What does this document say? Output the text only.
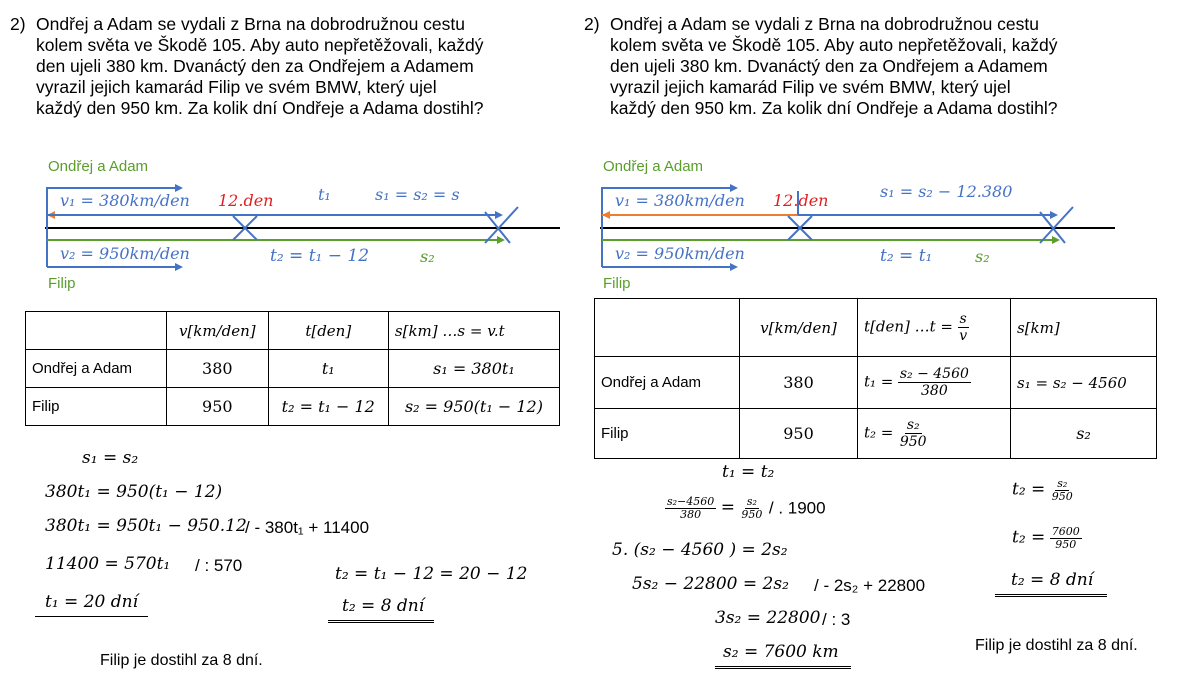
2) Ondřej a Adam se vydali z Brna na dobrodružnou cestu
kolem světa ve Škodě 105. Aby auto nepřetěžovali, každý
den ujeli 380 km. Dvanáctý den za Ondřejem a Adamem
vyrazil jejich kamarád Filip ve svém BMW, který ujel
každý den 950 km. Za kolik dní Ondřeje a Adama dostihl?
Ondřej a Adam
v₁ = 380km/den 12.den	t₁	s₁ = s₂ = s
v₂ = 950km/den	t₂ = t₁ − 12	s₂
Filip
	v[km/den]	t[den]	s[km] …s = v.t
Ondřej a Adam	380	t₁	s₁ = 380t₁
Filip	950	t₂ = t₁ − 12	s₂ = 950(t₁ − 12)
s₁ = s₂
380t₁ = 950(t₁ − 12)
380t₁ = 950t₁ − 950.12
/ - 380t₁ + 11400
11400 = 570t₁ / : 570
t₁ = 20 dní
t₂ = t₁ − 12 = 20 − 12
t₂ = 8 dní
Filip je dostihl za 8 dní.
2) Ondřej a Adam se vydali z Brna na dobrodružnou cestu
kolem světa ve Škodě 105. Aby auto nepřetěžovali, každý
den ujeli 380 km. Dvanáctý den za Ondřejem a Adamem
vyrazil jejich kamarád Filip ve svém BMW, který ujel
každý den 950 km. Za kolik dní Ondřeje a Adama dostihl?
Ondřej a Adam
v₁ = 380km/den 12.den	s₁ = s₂ − 12.380
v₂ = 950km/den	t₂ = t₁	s₂
Filip
	v[km/den]	t[den] …t = $\frac{s}{v}$	s[km]
Ondřej a Adam	380	$t_1 = \frac{\text{s₂ − 4560}}{380}$	s₁ = s₂ − 4560
Filip	950	$t_2 = \frac{\text{s₂}}{950}$	s₂
t₁ = t₂
$\frac{\text{s₂−4560}}{380} = \frac{\text{s₂}}{950}$ / . 1900
5. (s₂ − 4560 ) = 2s₂
5s₂ − 22800 = 2s₂ / - 2s₂ + 22800
3s₂ = 22800 / : 3
s₂ = 7600 km
$t_2 = \frac{\text{s₂}}{950}$
$t_2 = \frac{7600}{950}$
t₂ = 8 dní
Filip je dostihl za 8 dní.
